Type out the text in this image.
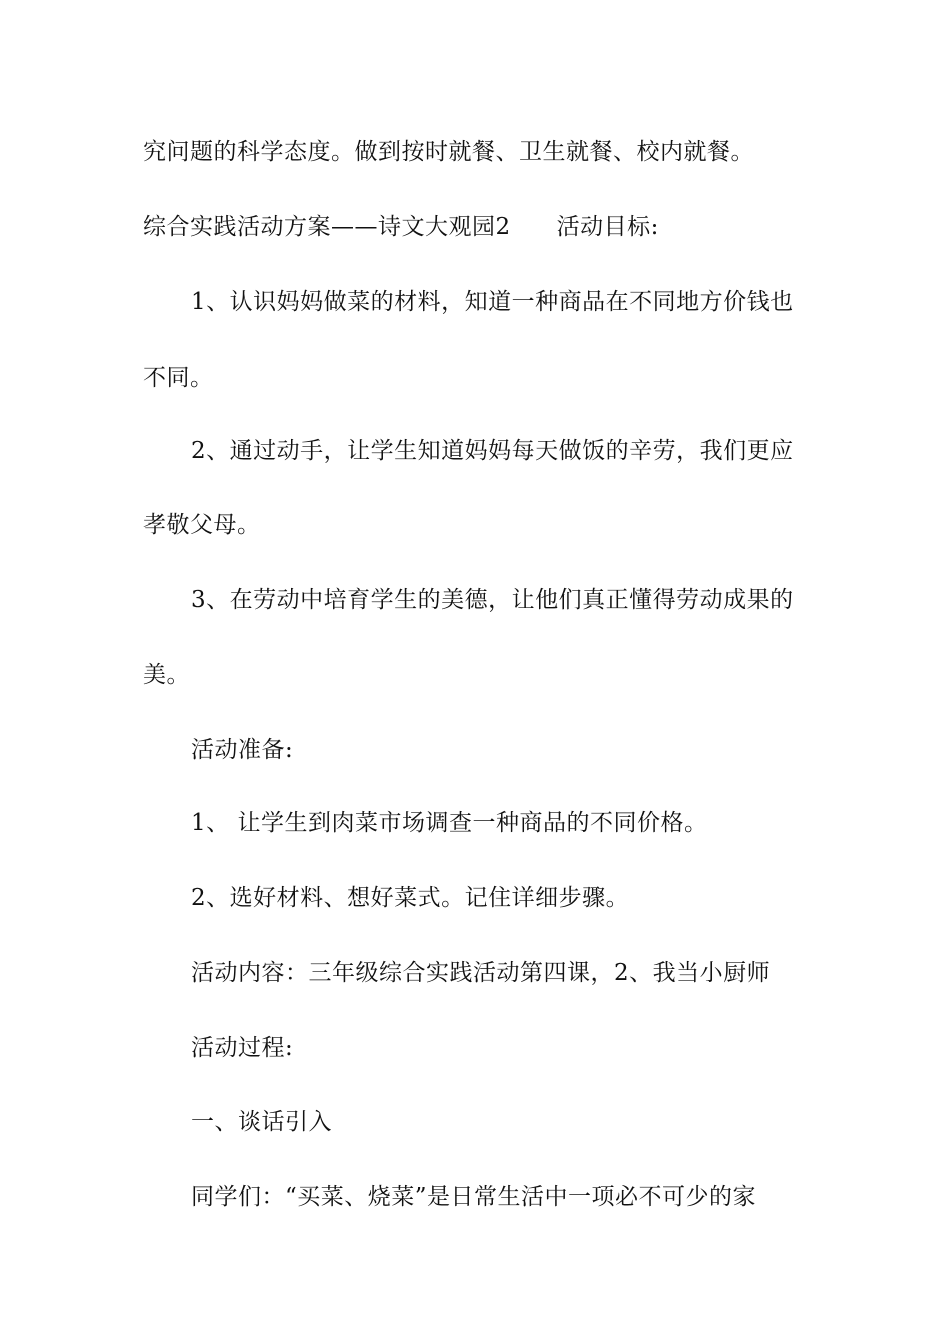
究问题的科学态度。做到按时就餐、卫生就餐、校内就餐。
综合实践活动方案——诗文大观园2 活动目标:
1、认识妈妈做菜的材料，知道一种商品在不同地方价钱也
不同。
2、通过动手，让学生知道妈妈每天做饭的辛劳，我们更应
孝敬父母。
3、在劳动中培育学生的美德，让他们真正懂得劳动成果的
美。
活动准备:
1、 让学生到肉菜市场调查一种商品的不同价格。
2、选好材料、想好菜式。记住详细步骤。
活动内容：三年级综合实践活动第四课，2、我当小厨师
活动过程:
一、谈话引入
同学们：“买菜、烧菜”是日常生活中一项必不可少的家
